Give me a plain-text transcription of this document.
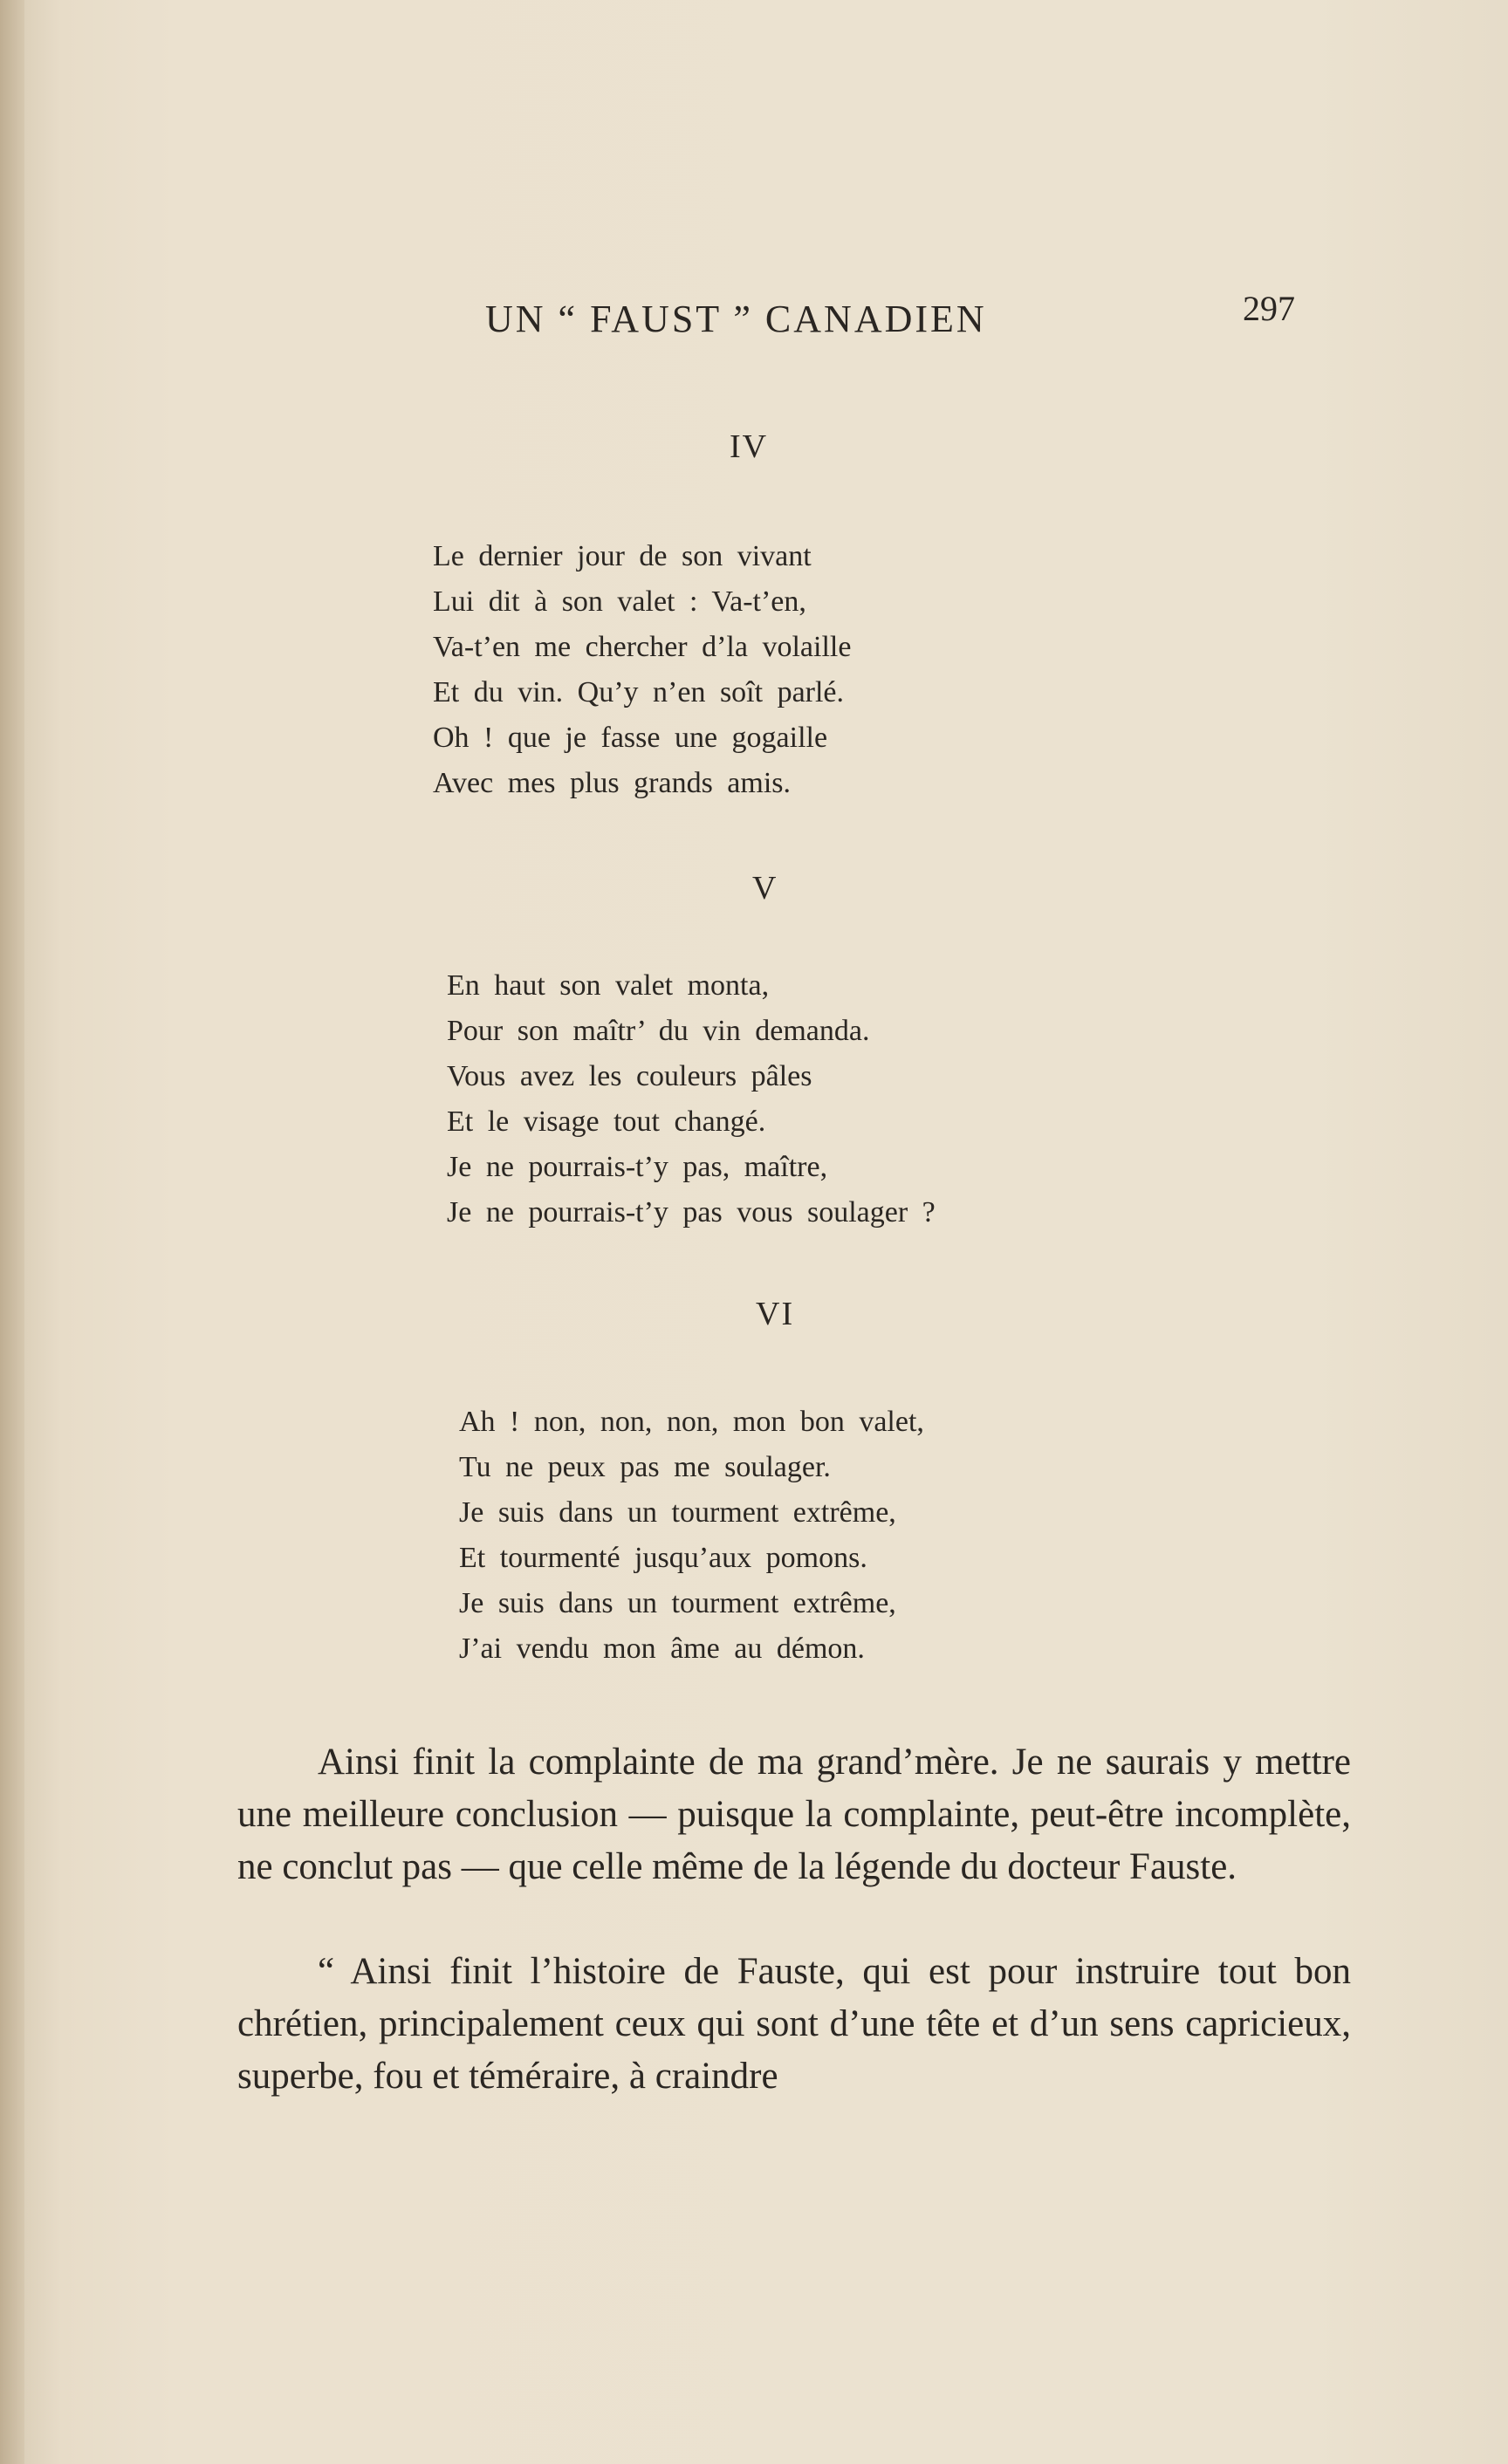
UN “ FAUST ” CANADIEN	297
IV
Le dernier jour de son vivant
Lui dit à son valet : Va-t’en,
Va-t’en me chercher d’la volaille
Et du vin. Qu’y n’en soît parlé.
Oh ! que je fasse une gogaille
Avec mes plus grands amis.
V
En haut son valet monta,
Pour son maîtr’ du vin demanda.
Vous avez les couleurs pâles
Et le visage tout changé.
Je ne pourrais-t’y pas, maître,
Je ne pourrais-t’y pas vous soulager ?
VI
Ah ! non, non, non, mon bon valet,
Tu ne peux pas me soulager.
Je suis dans un tourment extrême,
Et tourmenté jusqu’aux pomons.
Je suis dans un tourment extrême,
J’ai vendu mon âme au démon.

Ainsi finit la complainte de ma grand’mère. Je ne saurais y mettre une meilleure conclusion — puisque la complainte, peut-être incomplète, ne conclut pas — que celle même de la légende du docteur Fauste.

“ Ainsi finit l’histoire de Fauste, qui est pour instruire tout bon chrétien, principalement ceux qui sont d’une tête et d’un sens capricieux, superbe, fou et téméraire, à craindre
